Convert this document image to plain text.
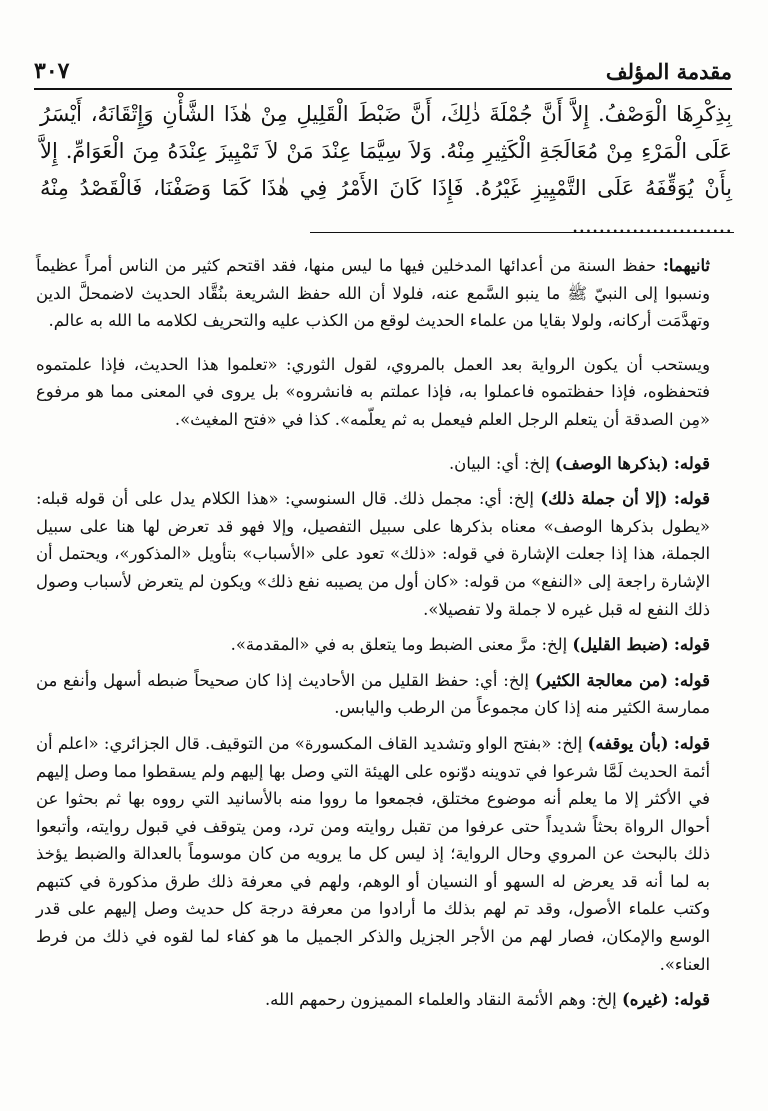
مقدمة المؤلف
٣٠٧
بِذِكْرِهَا الْوَصْفُ. إِلاَّ أَنَّ جُمْلَةَ ذٰلِكَ، أَنَّ ضَبْطَ الْقَلِيلِ مِنْ هٰذَا الشَّأْنِ وَإِتْقَانَهُ، أَيْسَرُ عَلَى الْمَرْءِ مِنْ مُعَالَجَةِ الْكَثِيرِ مِنْهُ. وَلاَ سِيَّمَا عِنْدَ مَنْ لاَ تَمْيِيزَ عِنْدَهُ مِنَ الْعَوَامِّ. إِلاَّ بِأَنْ يُوَقِّفَهُ عَلَى التَّمْيِيزِ غَيْرُهُ. فَإِذَا كَانَ الأَمْرُ فِي هٰذَا كَمَا وَصَفْنَا، فَالْقَصْدُ مِنْهُ ........................

ثانيهما: حفظ السنة من أعدائها المدخلين فيها ما ليس منها، فقد اقتحم كثير من الناس أمراً عظيماً ونسبوا إلى النبيّ ﷺ ما ينبو السَّمع عنه، فلولا أن الله حفظ الشريعة بنُقَّاد الحديث لاضمحلَّ الدين وتهدَّمَت أركانه، ولولا بقايا من علماء الحديث لوقع من الكذب عليه والتحريف لكلامه ما الله به عالم.

ويستحب أن يكون الرواية بعد العمل بالمروي، لقول الثوري: «تعلموا هذا الحديث، فإذا علمتموه فتحفظوه، فإذا حفظتموه فاعملوا به، فإذا عملتم به فانشروه» بل يروى في المعنى مما هو مرفوع «مِن الصدقة أن يتعلم الرجل العلم فيعمل به ثم يعلّمه». كذا في «فتح المغيث».

قوله: (بذكرها الوصف) إلخ: أي: البيان.

قوله: (إلا أن جملة ذلك) إلخ: أي: مجمل ذلك. قال السنوسي: «هذا الكلام يدل على أن قوله قبله: «يطول بذكرها الوصف» معناه بذكرها على سبيل التفصيل، وإلا فهو قد تعرض لها هنا على سبيل الجملة، هذا إذا جعلت الإشارة في قوله: «ذلك» تعود على «الأسباب» بتأويل «المذكور»، ويحتمل أن الإشارة راجعة إلى «النفع» من قوله: «كان أول من يصيبه نفع ذلك» ويكون لم يتعرض لأسباب وصول ذلك النفع له قبل غيره لا جملة ولا تفصيلا».

قوله: (ضبط القليل) إلخ: مرَّ معنى الضبط وما يتعلق به في «المقدمة».

قوله: (من معالجة الكثير) إلخ: أي: حفظ القليل من الأحاديث إذا كان صحيحاً ضبطه أسهل وأنفع من ممارسة الكثير منه إذا كان مجموعاً من الرطب واليابس.

قوله: (بأن يوقفه) إلخ: «بفتح الواو وتشديد القاف المكسورة» من التوقيف. قال الجزائري: «اعلم أن أئمة الحديث لَمَّا شرعوا في تدوينه دوّنوه على الهيئة التي وصل بها إليهم ولم يسقطوا مما وصل إليهم في الأكثر إلا ما يعلم أنه موضوع مختلق، فجمعوا ما رووا منه بالأسانيد التي رووه بها ثم بحثوا عن أحوال الرواة بحثاً شديداً حتى عرفوا من تقبل روايته ومن ترد، ومن يتوقف في قبول روايته، وأتبعوا ذلك بالبحث عن المروي وحال الرواية؛ إذ ليس كل ما يرويه من كان موسوماً بالعدالة والضبط يؤخذ به لما أنه قد يعرض له السهو أو النسيان أو الوهم، ولهم في معرفة ذلك طرق مذكورة في كتبهم وكتب علماء الأصول، وقد تم لهم بذلك ما أرادوا من معرفة درجة كل حديث وصل إليهم على قدر الوسع والإمكان، فصار لهم من الأجر الجزيل والذكر الجميل ما هو كفاء لما لقوه في ذلك من فرط العناء».

قوله: (غيره) إلخ: وهم الأئمة النقاد والعلماء المميزون رحمهم الله.
